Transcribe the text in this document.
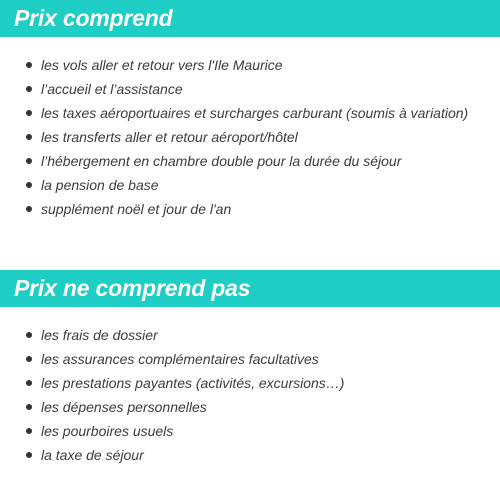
Prix comprend
les vols aller et retour vers l'Ile Maurice
l’accueil et l’assistance
les taxes aéroportuaires et surcharges carburant (soumis à variation)
les transferts aller et retour aéroport/hôtel
l’hébergement en chambre double pour la durée du séjour
la pension de base
supplément noël et jour de l'an
Prix ne comprend pas
les frais de dossier
les assurances complémentaires facultatives
les prestations payantes (activités, excursions…)
les dépenses personnelles
les pourboires usuels
la taxe de séjour
